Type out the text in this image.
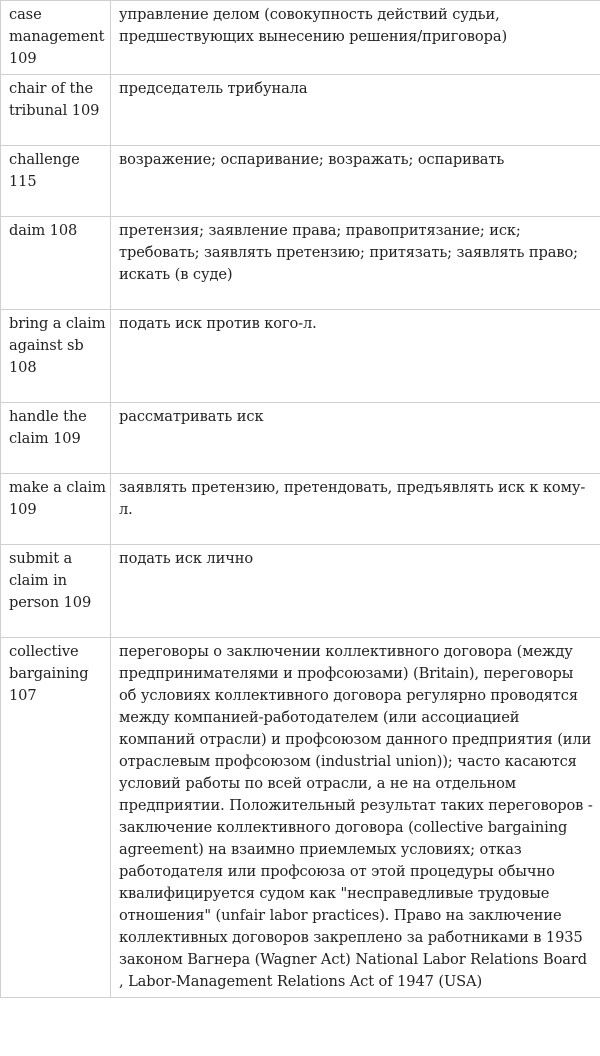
case management 109	управление делом (совокупность действий судьи, предшествующих вынесению решения/приговора)
chair of the tribunal 109	председатель трибунала
challenge 115	возражение; оспаривание; возражать; оспаривать
daim 108	претензия; заявление права; правопритязание; иск; требовать; заявлять претензию; притязать; заявлять право; искать (в суде)
bring a claim against sb 108	подать иск против кого-л.
handle the claim 109	рассматривать иск
make a claim 109	заявлять претензию, претендовать, предъявлять иск к кому-л.
submit a claim in person 109	подать иск лично
collective bargaining 107	переговоры о заключении коллективного договора (между предпринимателями и профсоюзами) (Britain), переговоры об условиях коллективного договора регулярно проводятся между компанией-работодателем (или ассоциацией компаний отрасли) и профсоюзом данного предприятия (или отраслевым профсоюзом (industrial union)); часто касаются условий работы по всей отрасли, а не на отдельном предприятии. Положительный результат таких переговоров - заключение коллективного договора (collective bargaining agreement) на взаимно приемлемых условиях; отказ работодателя или профсоюза от этой процедуры обычно квалифицируется судом как "несправедливые трудовые отношения" (unfair labor practices). Право на заключение коллективных договоров закреплено за работниками в 1935 законом Вагнера (Wagner Act) National Labor Relations Board , Labor-Management Relations Act of 1947 (USA)
